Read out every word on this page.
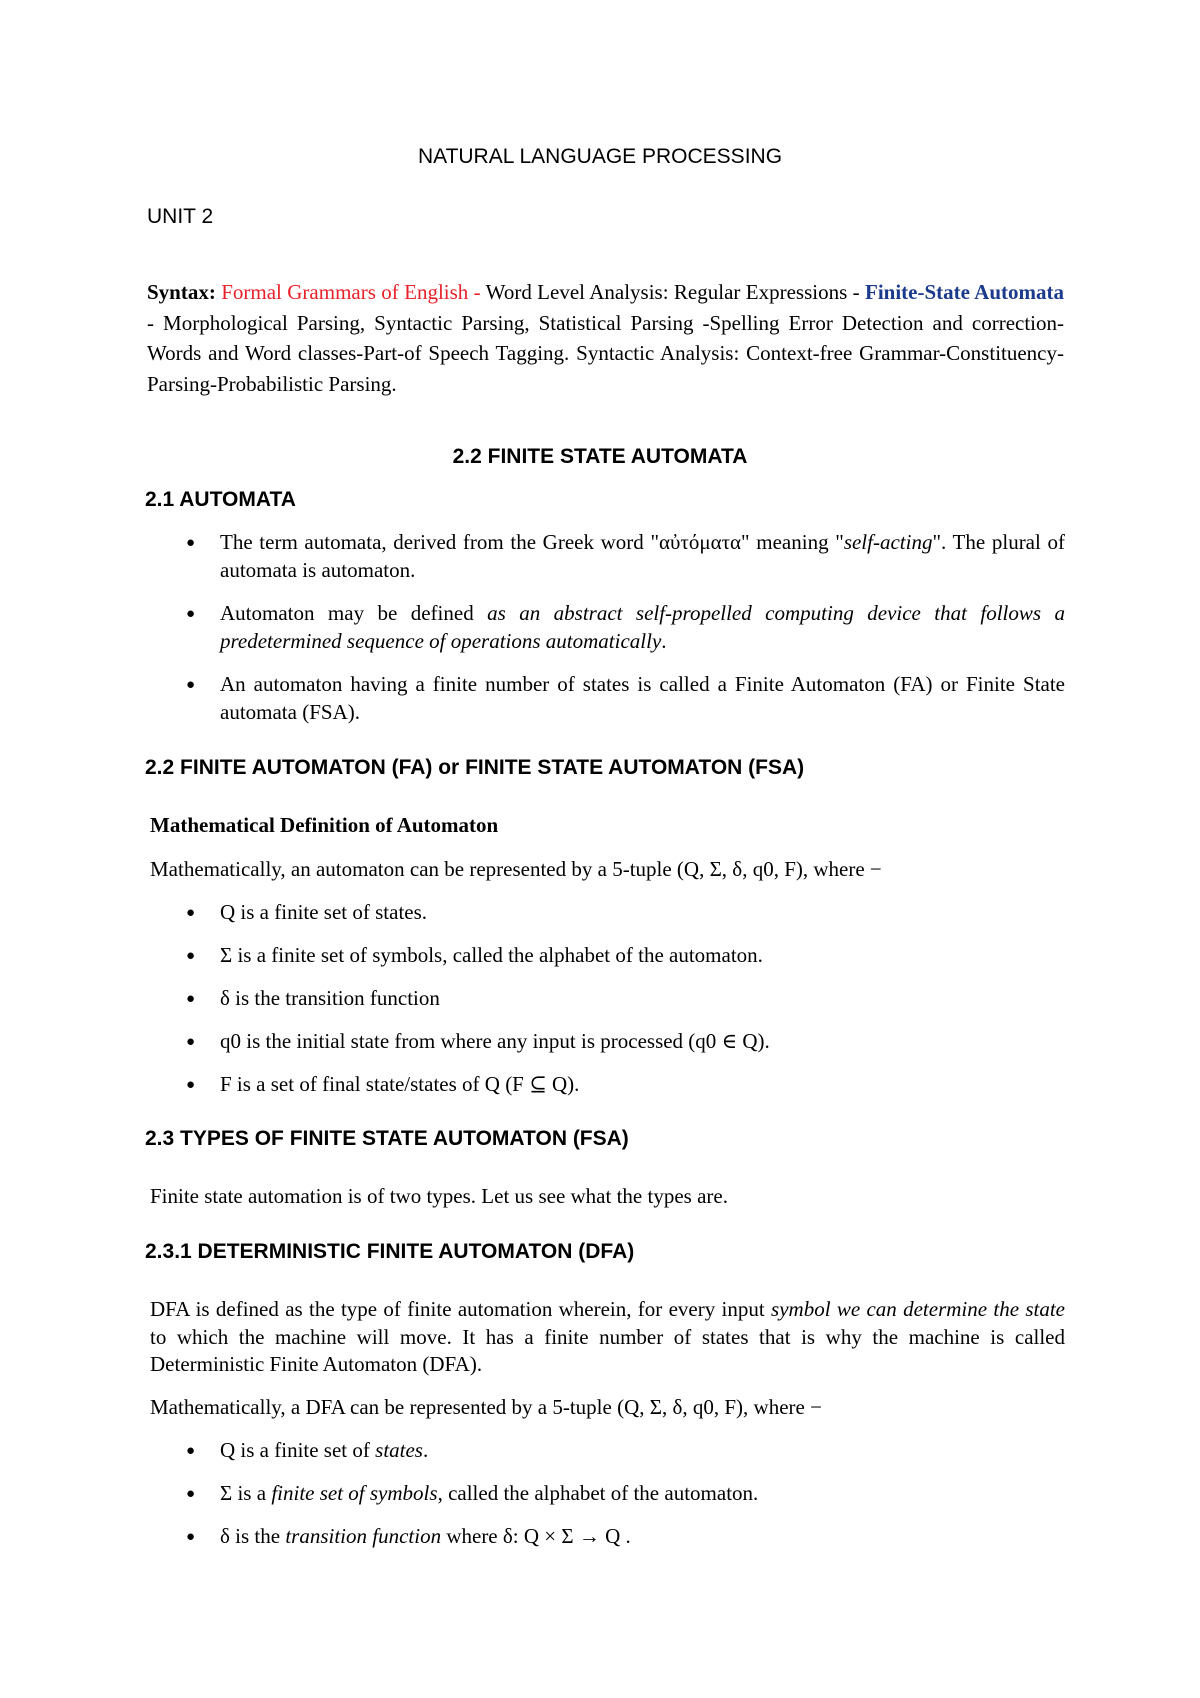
NATURAL LANGUAGE PROCESSING
UNIT 2
Syntax: Formal Grammars of English - Word Level Analysis: Regular Expressions - Finite-State Automata - Morphological Parsing, Syntactic Parsing, Statistical Parsing -Spelling Error Detection and correction-Words and Word classes-Part-of Speech Tagging. Syntactic Analysis: Context-free Grammar-Constituency- Parsing-Probabilistic Parsing.
2.2 FINITE STATE AUTOMATA
2.1 AUTOMATA
● The term automata, derived from the Greek word "αὐτόματα" meaning "self-acting". The plural of automata is automaton.
● Automaton may be defined as an abstract self-propelled computing device that follows a predetermined sequence of operations automatically.
● An automaton having a finite number of states is called a Finite Automaton (FA) or Finite State automata (FSA).
2.2 FINITE AUTOMATON (FA) or FINITE STATE AUTOMATON (FSA)
Mathematical Definition of Automaton
Mathematically, an automaton can be represented by a 5-tuple (Q, Σ, δ, q0, F), where −
● Q is a finite set of states.
● Σ is a finite set of symbols, called the alphabet of the automaton.
● δ is the transition function
● q0 is the initial state from where any input is processed (q0 ∈ Q).
● F is a set of final state/states of Q (F ⊆ Q).
2.3 TYPES OF FINITE STATE AUTOMATON (FSA)
Finite state automation is of two types. Let us see what the types are.
2.3.1 DETERMINISTIC FINITE AUTOMATON (DFA)
DFA is defined as the type of finite automation wherein, for every input symbol we can determine the state to which the machine will move. It has a finite number of states that is why the machine is called Deterministic Finite Automaton (DFA).
Mathematically, a DFA can be represented by a 5-tuple (Q, Σ, δ, q0, F), where −
● Q is a finite set of states.
● Σ is a finite set of symbols, called the alphabet of the automaton.
● δ is the transition function where δ: Q × Σ → Q .
